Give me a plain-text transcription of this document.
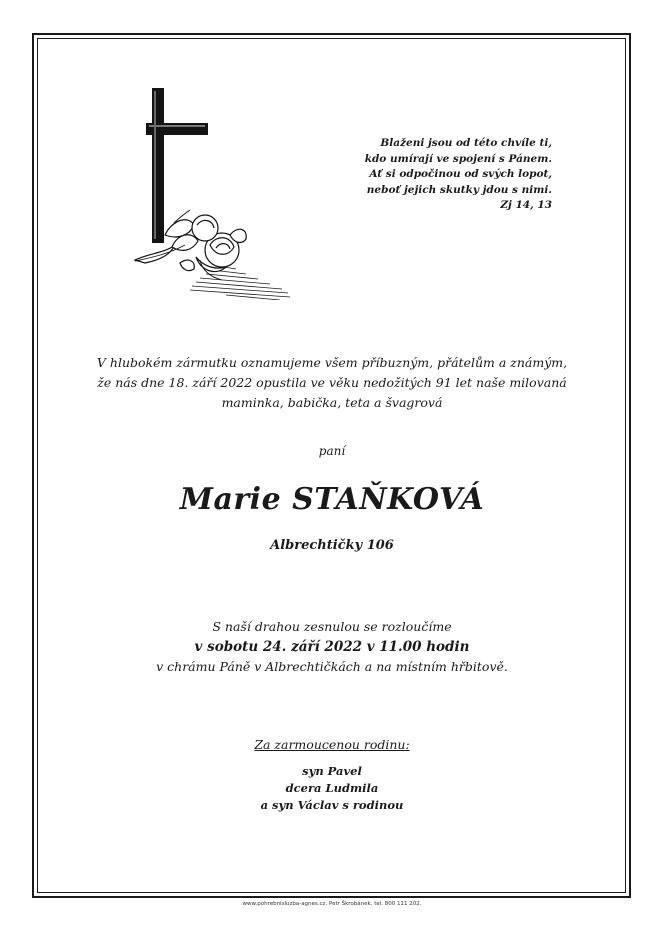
Blaženi jsou od této chvíle ti,
kdo umírají ve spojení s Pánem.
Ať si odpočinou od svých lopot,
neboť jejich skutky jdou s nimi.
Zj 14, 13
V hlubokém zármutku oznamujeme všem příbuzným, přátelům a známým,
že nás dne 18. září 2022 opustila ve věku nedožitých 91 let naše milovaná
maminka, babička, teta a švagrová
paní
Marie STAŇKOVÁ
Albrechtičky 106
S naší drahou zesnulou se rozloučíme
v sobotu 24. září 2022 v 11.00 hodin
v chrámu Páně v Albrechtičkách a na místním hřbitově.
Za zarmoucenou rodinu:
syn Pavel
dcera Ludmila
a syn Václav s rodinou
www.pohrebnisluzba-agnes.cz, Petr Škrobánek, tel. 800 111 202.
